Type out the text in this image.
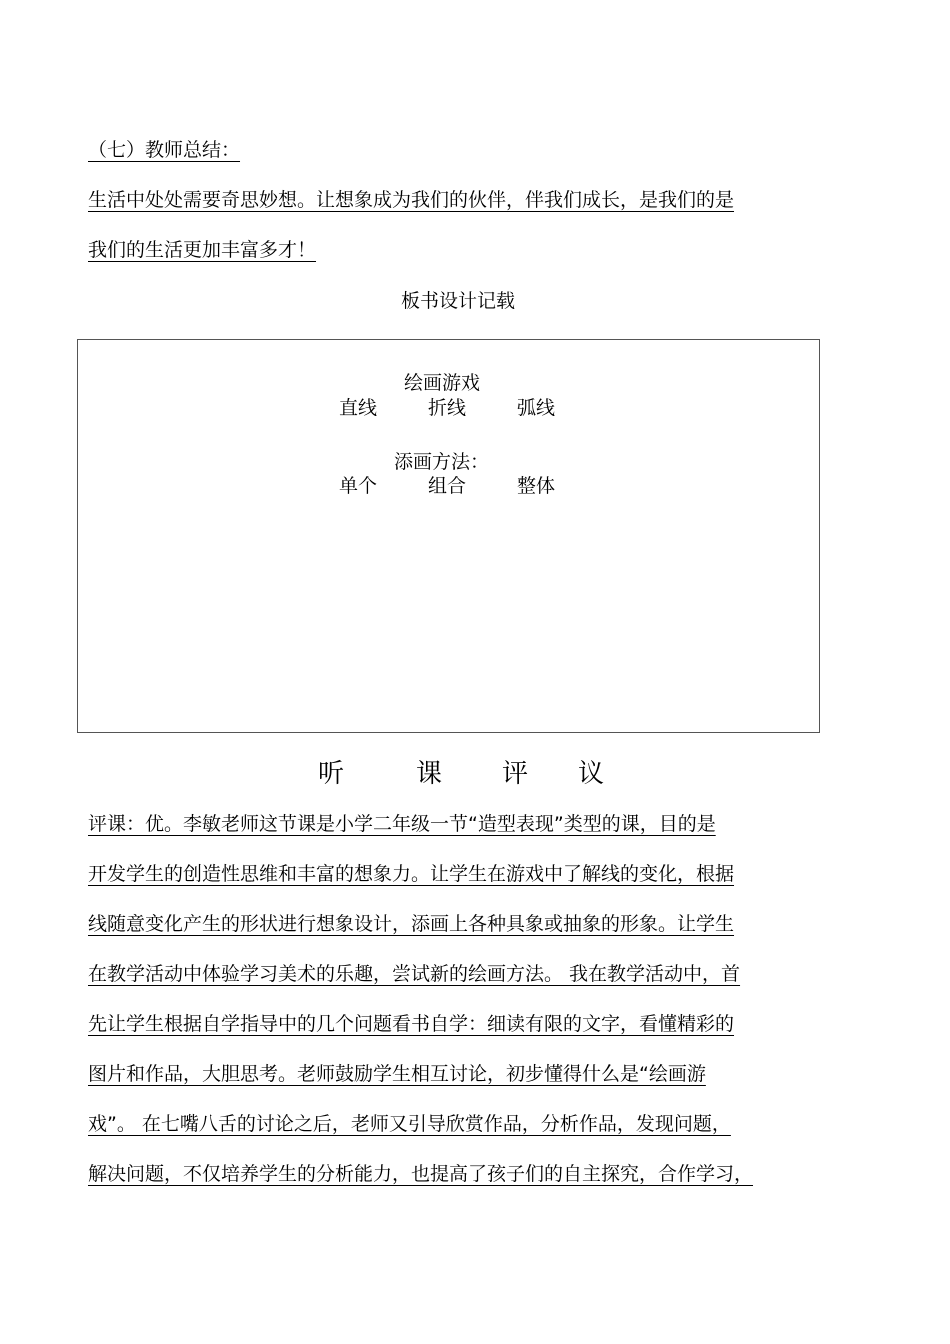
（七）教师总结：
生活中处处需要奇思妙想。让想象成为我们的伙伴，伴我们成长，是我们的是
我们的生活更加丰富多才！
板书设计记载
绘画游戏
直线	折线	弧线
添画方法：
单个	组合	整体
听	课 评 议
评课：优。李敏老师这节课是小学二年级一节“造型表现”类型的课，目的是
开发学生的创造性思维和丰富的想象力。让学生在游戏中了解线的变化，根据
线随意变化产生的形状进行想象设计，添画上各种具象或抽象的形象。让学生
在教学活动中体验学习美术的乐趣，尝试新的绘画方法。 我在教学活动中，首
先让学生根据自学指导中的几个问题看书自学：细读有限的文字，看懂精彩的
图片和作品，大胆思考。老师鼓励学生相互讨论，初步懂得什么是“绘画游
戏”。 在七嘴八舌的讨论之后，老师又引导欣赏作品，分析作品，发现问题，
解决问题，不仅培养学生的分析能力，也提高了孩子们的自主探究，合作学习，
